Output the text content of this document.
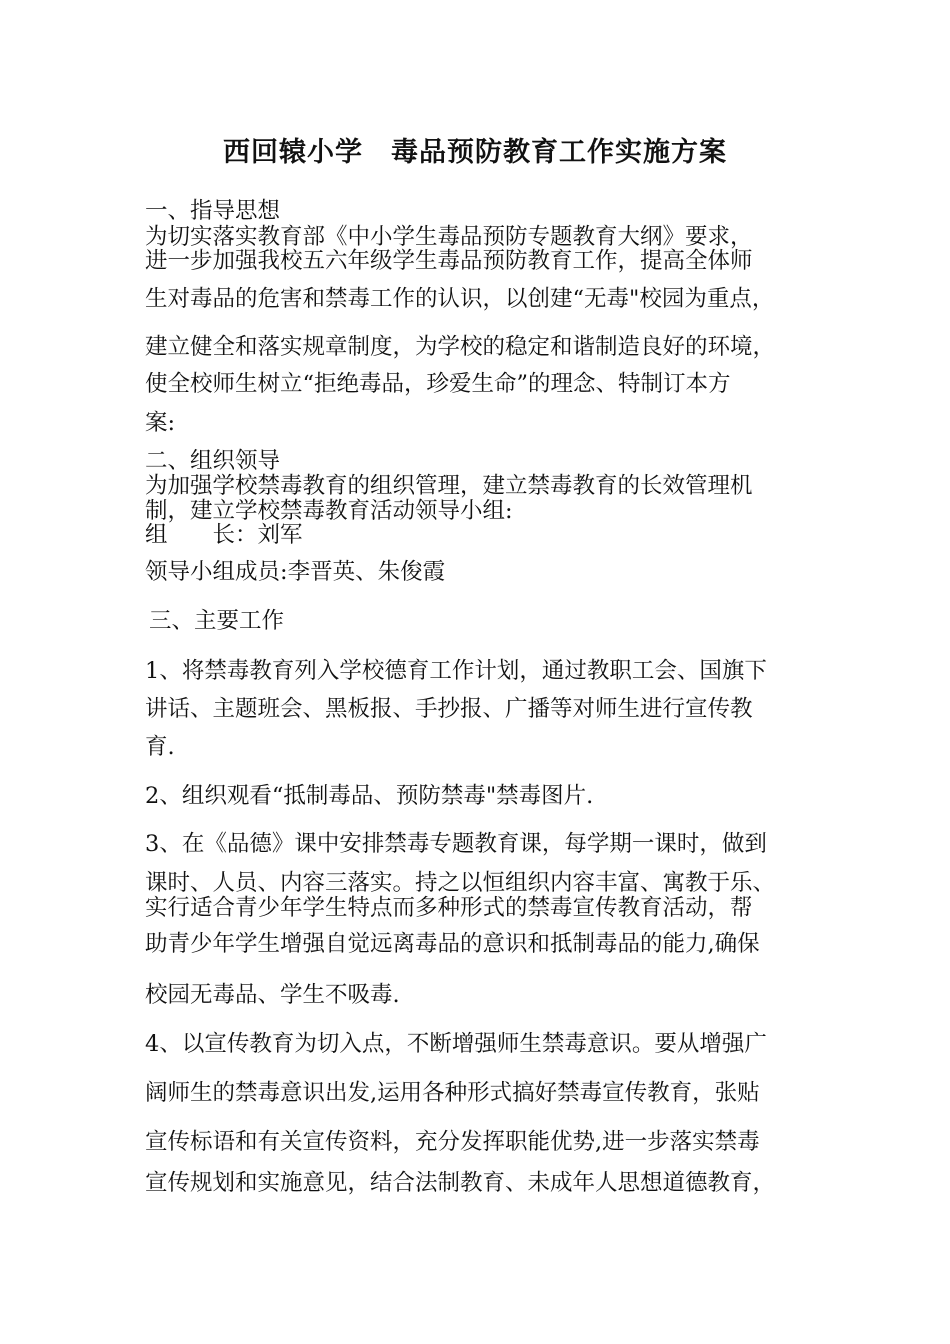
西回辕小学　毒品预防教育工作实施方案
一、指导思想
为切实落实教育部《中小学生毒品预防专题教育大纲》要求，
进一步加强我校五六年级学生毒品预防教育工作，提高全体师
生对毒品的危害和禁毒工作的认识，以创建“无毒"校园为重点，
建立健全和落实规章制度，为学校的稳定和谐制造良好的环境，
使全校师生树立“拒绝毒品，珍爱生命”的理念、特制订本方
案:
二、组织领导
为加强学校禁毒教育的组织管理，建立禁毒教育的长效管理机
制，建立学校禁毒教育活动领导小组:
组　　长：刘军
领导小组成员:李晋英、朱俊霞
三、主要工作
1、将禁毒教育列入学校德育工作计划，通过教职工会、国旗下
讲话、主题班会、黑板报、手抄报、广播等对师生进行宣传教
育.
2、组织观看“抵制毒品、预防禁毒"禁毒图片.
3、在《品德》课中安排禁毒专题教育课，每学期一课时，做到
课时、人员、内容三落实。持之以恒组织内容丰富、寓教于乐、
实行适合青少年学生特点而多种形式的禁毒宣传教育活动，帮
助青少年学生增强自觉远离毒品的意识和抵制毒品的能力,确保
校园无毒品、学生不吸毒.
4、以宣传教育为切入点，不断增强师生禁毒意识。要从增强广
阔师生的禁毒意识出发,运用各种形式搞好禁毒宣传教育，张贴
宣传标语和有关宣传资料，充分发挥职能优势,进一步落实禁毒
宣传规划和实施意见，结合法制教育、未成年人思想道德教育，
